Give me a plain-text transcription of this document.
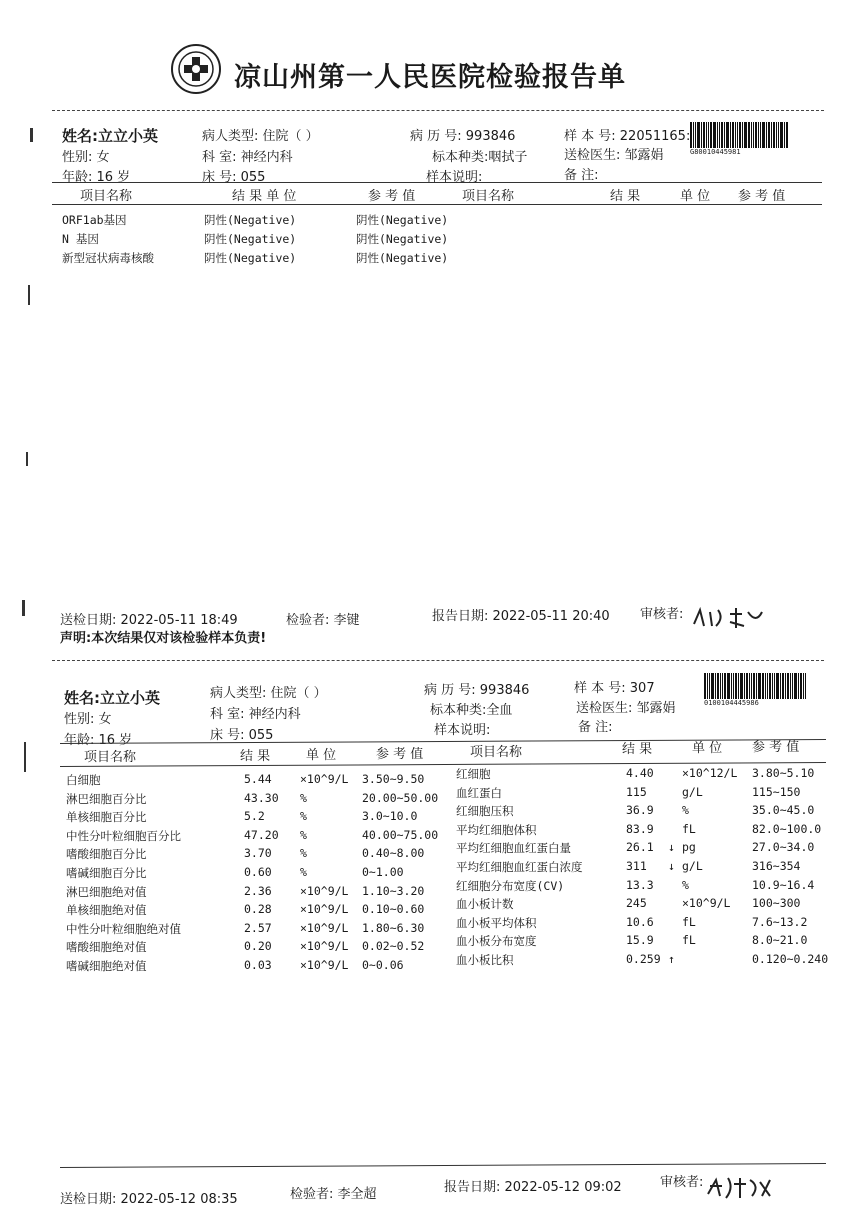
凉山州第一人民医院检验报告单
姓名:立立小英	病人类型: 住院（ ）	病 历 号: 993846	样 本 号: 22051165:
G80010445981
性别: 女	科 室: 神经内科	标本种类:咽拭子	送检医生: 邹露娟
年龄: 16 岁	床 号: 055	样本说明:	备 注:
项目名称	结 果 单 位	参 考 值	项目名称	结 果	单 位 参 考 值
ORF1ab基因	阴性(Negative)	阴性(Negative)
N 基因	阴性(Negative)	阴性(Negative)
新型冠状病毒核酸	阴性(Negative)	阴性(Negative)
送检日期: 2022-05-11 18:49	检验者: 李键	报告日期: 2022-05-11 20:40 审核者:
声明:本次结果仅对该检验样本负责!
姓名:立立小英	病人类型: 住院（ ）	病 历 号: 993846	样 本 号: 307
0100104445986
性别: 女	科 室: 神经内科	标本种类:全血	送检医生: 邹露娟
年龄: 16 岁	床 号: 055	样本说明:	备 注:
项目名称	结 果	单 位	参 考 值	项目名称	结 果	单 位 参 考 值
白细胞	5.44 ×10^9/L 3.50~9.50
淋巴细胞百分比	43.30 %	20.00~50.00
单核细胞百分比	5.2	%	3.0~10.0
中性分叶粒细胞百分比	47.20 %	40.00~75.00
嗜酸细胞百分比	3.70 %	0.40~8.00
嗜碱细胞百分比	0.60 %	0~1.00
淋巴细胞绝对值	2.36 ×10^9/L 1.10~3.20
单核细胞绝对值	0.28 ×10^9/L 0.10~0.60
中性分叶粒细胞绝对值	2.57 ×10^9/L 1.80~6.30
嗜酸细胞绝对值	0.20 ×10^9/L 0.02~0.52
嗜碱细胞绝对值	0.03 ×10^9/L 0~0.06
红细胞	4.40 ×10^12/L 3.80~5.10
血红蛋白	115	g/L	115~150
红细胞压积	36.9 %	35.0~45.0
平均红细胞体积	83.9 fL	82.0~100.0
平均红细胞血红蛋白量	26.1 ↓ pg	27.0~34.0
平均红细胞血红蛋白浓度	311 ↓ g/L	316~354
红细胞分布宽度(CV)	13.3 %	10.9~16.4
血小板计数	245	×10^9/L 100~300
血小板平均体积	10.6 fL	7.6~13.2
血小板分布宽度	15.9 fL	8.0~21.0
血小板比积	0.259 ↑	0.120~0.240
送检日期: 2022-05-12 08:35	检验者: 李全超	报告日期: 2022-05-12 09:02	审核者:
